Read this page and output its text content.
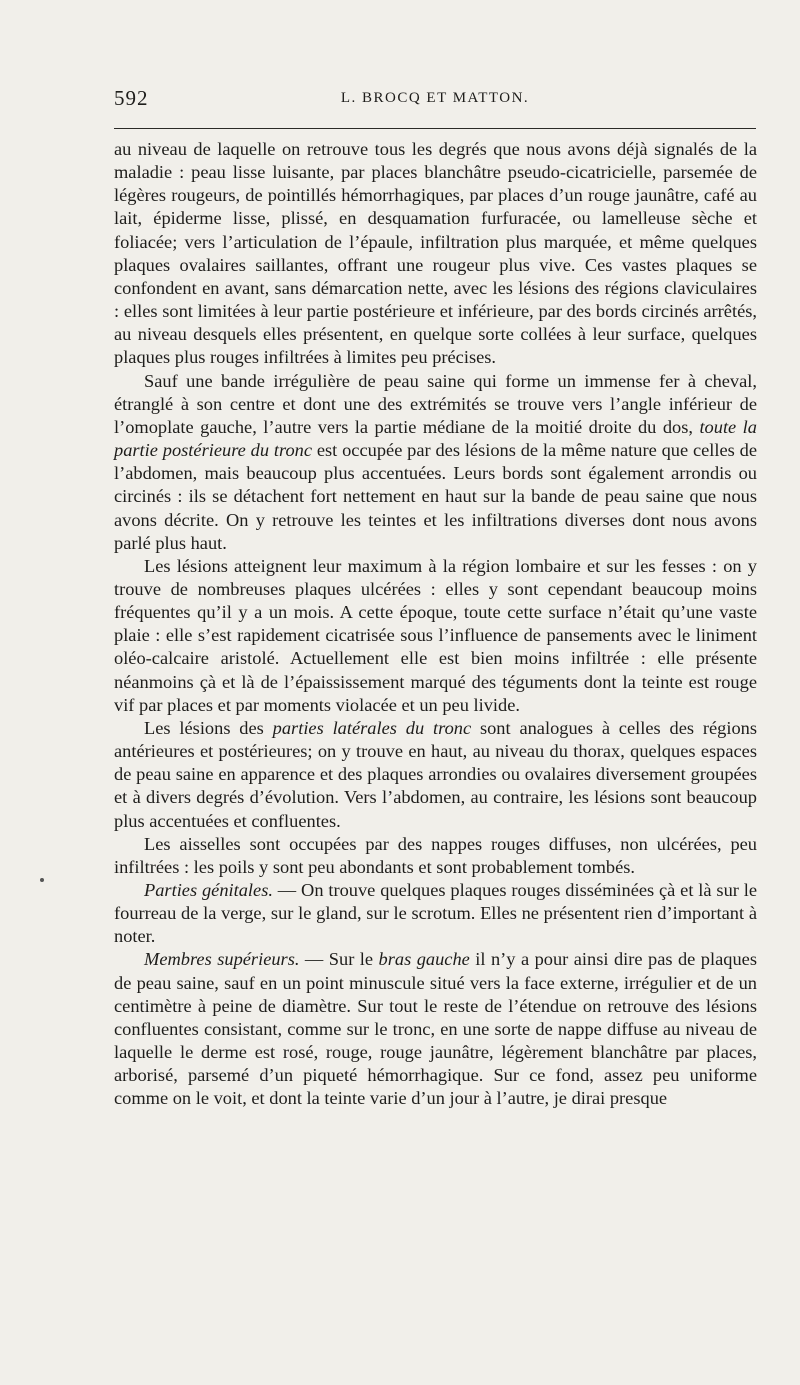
592	L. BROCQ ET MATTON.

au niveau de laquelle on retrouve tous les degrés que nous avons déjà signalés de la maladie : peau lisse luisante, par places blanchâtre pseudo-cicatricielle, parsemée de légères rougeurs, de pointillés hémorrhagiques, par places d’un rouge jaunâtre, café au lait, épiderme lisse, plissé, en desquamation furfuracée, ou lamelleuse sèche et foliacée; vers l’articulation de l’épaule, infiltration plus marquée, et même quelques plaques ovalaires saillantes, offrant une rougeur plus vive. Ces vastes plaques se confondent en avant, sans démarcation nette, avec les lésions des régions claviculaires : elles sont limitées à leur partie postérieure et inférieure, par des bords circinés arrêtés, au niveau desquels elles présentent, en quelque sorte collées à leur surface, quelques plaques plus rouges infiltrées à limites peu précises.

Sauf une bande irrégulière de peau saine qui forme un immense fer à cheval, étranglé à son centre et dont une des extrémités se trouve vers l’angle inférieur de l’omoplate gauche, l’autre vers la partie médiane de la moitié droite du dos, toute la partie postérieure du tronc est occupée par des lésions de la même nature que celles de l’abdomen, mais beaucoup plus accentuées. Leurs bords sont également arrondis ou circinés : ils se détachent fort nettement en haut sur la bande de peau saine que nous avons décrite. On y retrouve les teintes et les infiltrations diverses dont nous avons parlé plus haut.

Les lésions atteignent leur maximum à la région lombaire et sur les fesses : on y trouve de nombreuses plaques ulcérées : elles y sont cependant beaucoup moins fréquentes qu’il y a un mois. A cette époque, toute cette surface n’était qu’une vaste plaie : elle s’est rapidement cicatrisée sous l’influence de pansements avec le liniment oléo-calcaire aristolé. Actuellement elle est bien moins infiltrée : elle présente néanmoins çà et là de l’épaississement marqué des téguments dont la teinte est rouge vif par places et par moments violacée et un peu livide.

Les lésions des parties latérales du tronc sont analogues à celles des régions antérieures et postérieures; on y trouve en haut, au niveau du thorax, quelques espaces de peau saine en apparence et des plaques arrondies ou ovalaires diversement groupées et à divers degrés d’évolution. Vers l’abdomen, au contraire, les lésions sont beaucoup plus accentuées et confluentes.

Les aisselles sont occupées par des nappes rouges diffuses, non ulcérées, peu infiltrées : les poils y sont peu abondants et sont probablement tombés.

Parties génitales. — On trouve quelques plaques rouges disséminées çà et là sur le fourreau de la verge, sur le gland, sur le scrotum. Elles ne présentent rien d’important à noter.

Membres supérieurs. — Sur le bras gauche il n’y a pour ainsi dire pas de plaques de peau saine, sauf en un point minuscule situé vers la face externe, irrégulier et de un centimètre à peine de diamètre. Sur tout le reste de l’étendue on retrouve des lésions confluentes consistant, comme sur le tronc, en une sorte de nappe diffuse au niveau de laquelle le derme est rosé, rouge, rouge jaunâtre, légèrement blanchâtre par places, arborisé, parsemé d’un piqueté hémorrhagique. Sur ce fond, assez peu uniforme comme on le voit, et dont la teinte varie d’un jour à l’autre, je dirai presque
